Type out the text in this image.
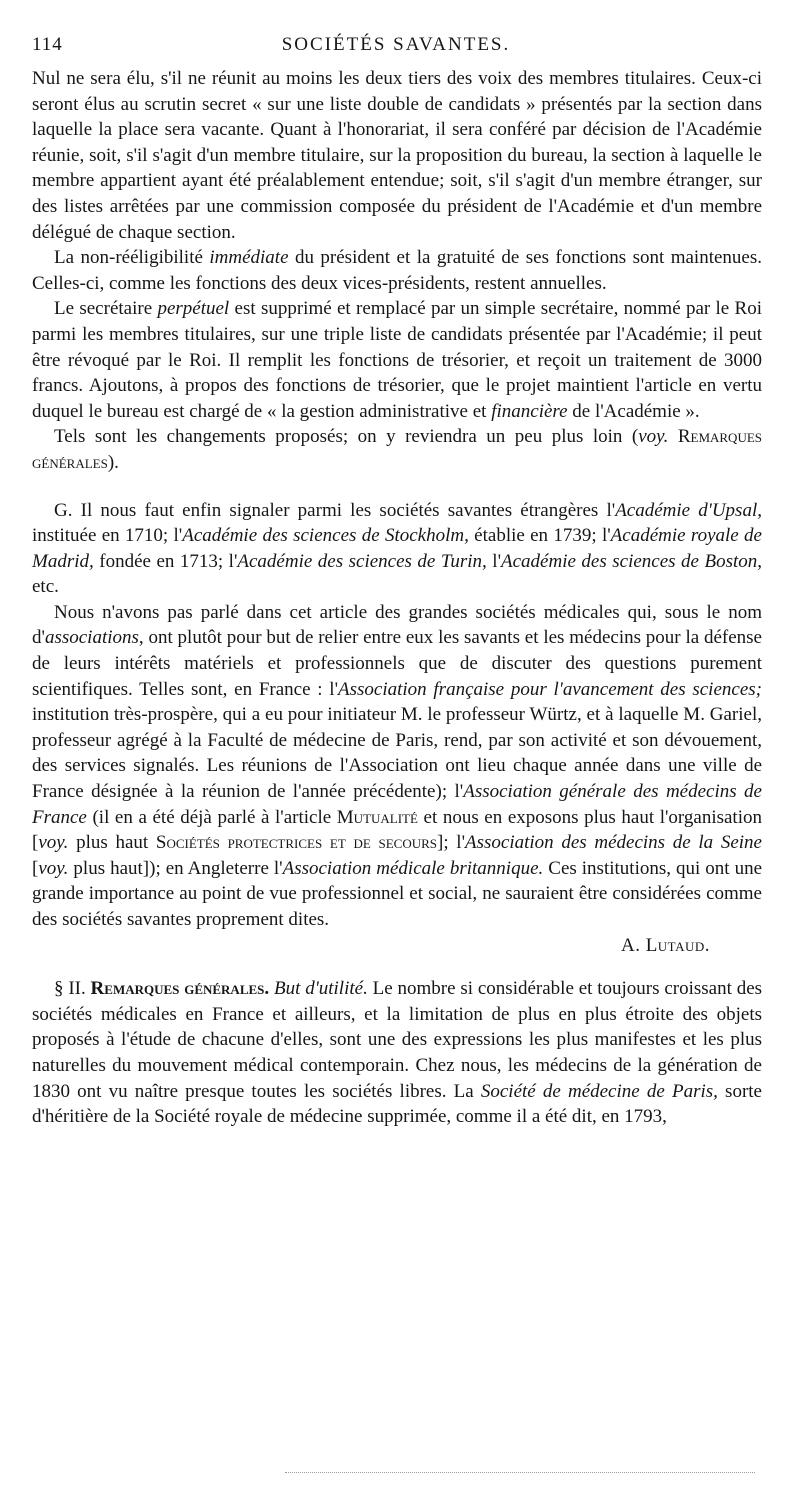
114	SOCIÉTÉS SAVANTES.

Nul ne sera élu, s'il ne réunit au moins les deux tiers des voix des membres titulaires. Ceux-ci seront élus au scrutin secret « sur une liste double de candidats » présentés par la section dans laquelle la place sera vacante. Quant à l'honorariat, il sera conféré par décision de l'Académie réunie, soit, s'il s'agit d'un membre titulaire, sur la proposition du bureau, la section à laquelle le membre appartient ayant été préalablement entendue; soit, s'il s'agit d'un membre étranger, sur des listes arrêtées par une commission composée du président de l'Académie et d'un membre délégué de chaque section.

La non-rééligibilité immédiate du président et la gratuité de ses fonctions sont maintenues. Celles-ci, comme les fonctions des deux vices-présidents, restent annuelles.

Le secrétaire perpétuel est supprimé et remplacé par un simple secrétaire, nommé par le Roi parmi les membres titulaires, sur une triple liste de candidats présentée par l'Académie; il peut être révoqué par le Roi. Il remplit les fonctions de trésorier, et reçoit un traitement de 3000 francs. Ajoutons, à propos des fonctions de trésorier, que le projet maintient l'article en vertu duquel le bureau est chargé de « la gestion administrative et financière de l'Académie ».

Tels sont les changements proposés; on y reviendra un peu plus loin (voy. Remarques générales).

G. Il nous faut enfin signaler parmi les sociétés savantes étrangères l'Académie d'Upsal, instituée en 1710; l'Académie des sciences de Stockholm, établie en 1739; l'Académie royale de Madrid, fondée en 1713; l'Académie des sciences de Turin, l'Académie des sciences de Boston, etc.

Nous n'avons pas parlé dans cet article des grandes sociétés médicales qui, sous le nom d'associations, ont plutôt pour but de relier entre eux les savants et les médecins pour la défense de leurs intérêts matériels et professionnels que de discuter des questions purement scientifiques. Telles sont, en France : l'Association française pour l'avancement des sciences; institution très-prospère, qui a eu pour initiateur M. le professeur Würtz, et à laquelle M. Gariel, professeur agrégé à la Faculté de médecine de Paris, rend, par son activité et son dévouement, des services signalés. Les réunions de l'Association ont lieu chaque année dans une ville de France désignée à la réunion de l'année précédente); l'Association générale des médecins de France (il en a été déjà parlé à l'article Mutualité et nous en exposons plus haut l'organisation [voy. plus haut Sociétés protectrices et de secours]; l'Association des médecins de la Seine [voy. plus haut]); en Angleterre l'Association médicale britannique. Ces institutions, qui ont une grande importance au point de vue professionnel et social, ne sauraient être considérées comme des sociétés savantes proprement dites.

A. Lutaud.

§ II. Remarques générales. But d'utilité. Le nombre si considérable et toujours croissant des sociétés médicales en France et ailleurs, et la limitation de plus en plus étroite des objets proposés à l'étude de chacune d'elles, sont une des expressions les plus manifestes et les plus naturelles du mouvement médical contemporain. Chez nous, les médecins de la génération de 1830 ont vu naître presque toutes les sociétés libres. La Société de médecine de Paris, sorte d'héritière de la Société royale de médecine supprimée, comme il a été dit, en 1793,
